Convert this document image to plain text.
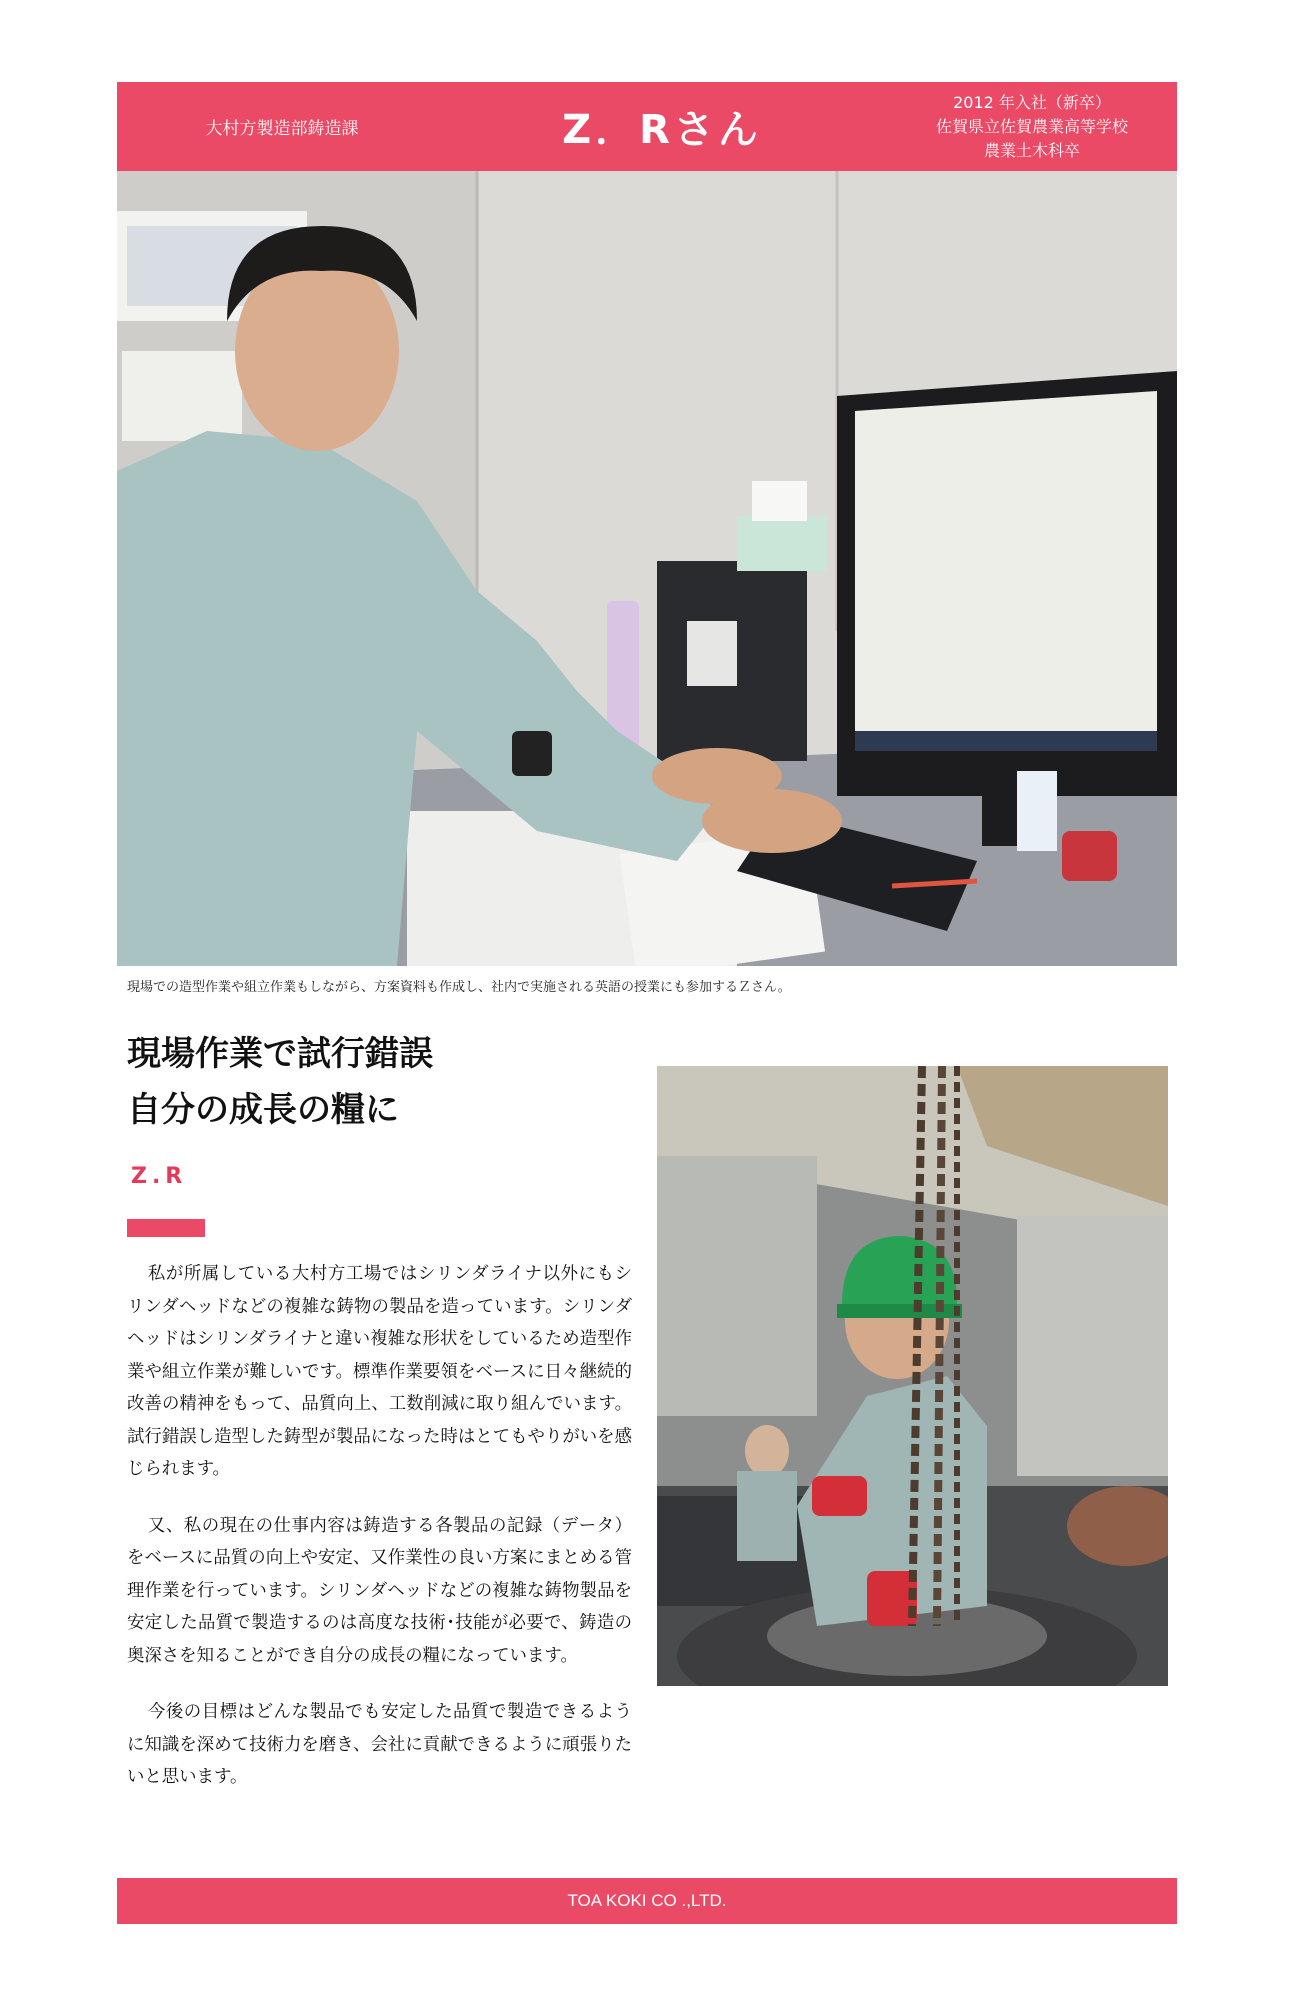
大村方製造部鋳造課	Z．Rさん
2012 年入社（新卒）
佐賀県立佐賀農業高等学校
農業土木科卒
現場での造型作業や組立作業もしながら、方案資料も作成し、社内で実施される英語の授業にも参加するＺさん。
現場作業で試行錯誤
自分の成長の糧に
Z.R

私が所属している大村方工場ではシリンダライナ以外にもシリンダヘッドなどの複雑な鋳物の製品を造っています。シリンダヘッドはシリンダライナと違い複雑な形状をしているため造型作業や組立作業が難しいです。標準作業要領をベースに日々継続的改善の精神をもって、品質向上、工数削減に取り組んでいます。試行錯誤し造型した鋳型が製品になった時はとてもやりがいを感じられます。

又、私の現在の仕事内容は鋳造する各製品の記録（データ）をベースに品質の向上や安定、又作業性の良い方案にまとめる管理作業を行っています。シリンダヘッドなどの複雑な鋳物製品を安定した品質で製造するのは高度な技術･技能が必要で、鋳造の奥深さを知ることができ自分の成長の糧になっています。

今後の目標はどんな製品でも安定した品質で製造できるように知識を深めて技術力を磨き、会社に貢献できるように頑張りたいと思います。

TOA KOKI CO .,LTD.
